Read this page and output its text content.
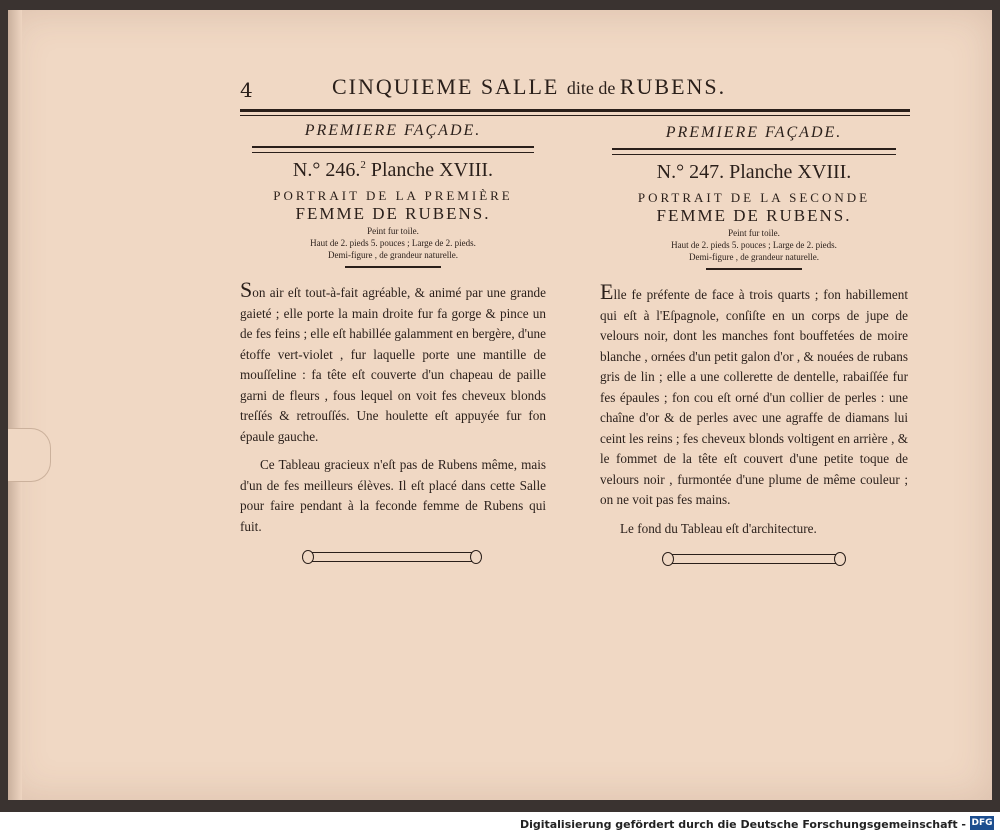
4	CINQUIEME SALLE dite de RUBENS.
PREMIERE FAÇADE.
N.° 246.$^2$ Planche XVIII.
PORTRAIT DE LA PREMIÈRE
FEMME DE RUBENS.
Peint fur toile.
Haut de 2. pieds 5. pouces ; Large de 2. pieds.
Demi-figure , de grandeur naturelle.
Son air eſt tout-à-fait agréable, & animé par une grande gaieté ; elle porte la main droite fur fa gorge & pince un de fes feins ; elle eſt habillée galamment en bergère, d'une étoffe vert-violet , fur laquelle porte une mantille de mouſſeline : fa tête eſt couverte d'un chapeau de paille garni de fleurs , fous lequel on voit fes cheveux blonds treſſés & retrouſſés. Une houlette eſt appuyée fur fon épaule gauche.
Ce Tableau gracieux n'eſt pas de Rubens même, mais d'un de fes meilleurs élèves. Il eſt placé dans cette Salle pour faire pendant à la feconde femme de Rubens qui fuit.
PREMIERE FAÇADE.
N.° 247. Planche XVIII.
PORTRAIT DE LA SECONDE
FEMME DE RUBENS.
Peint fur toile.
Haut de 2. pieds 5. pouces ; Large de 2. pieds.
Demi-figure , de grandeur naturelle.
Elle fe préfente de face à trois quarts ; fon habillement qui eſt à l'Eſpagnole, conſiſte en un corps de jupe de velours noir, dont les manches font bouffetées de moire blanche , ornées d'un petit galon d'or , & nouées de rubans gris de lin ; elle a une collerette de dentelle, rabaiſſée fur fes épaules ; fon cou eſt orné d'un collier de perles : une chaîne d'or & de perles avec une agraffe de diamans lui ceint les reins ; fes cheveux blonds voltigent en arrière , & le fommet de la tête eſt couvert d'une petite toque de velours noir , furmontée d'une plume de même couleur ; on ne voit pas fes mains.
Le fond du Tableau eſt d'architecture.
Digitalisierung gefördert durch die Deutsche Forschungsgemeinschaft - DFG
